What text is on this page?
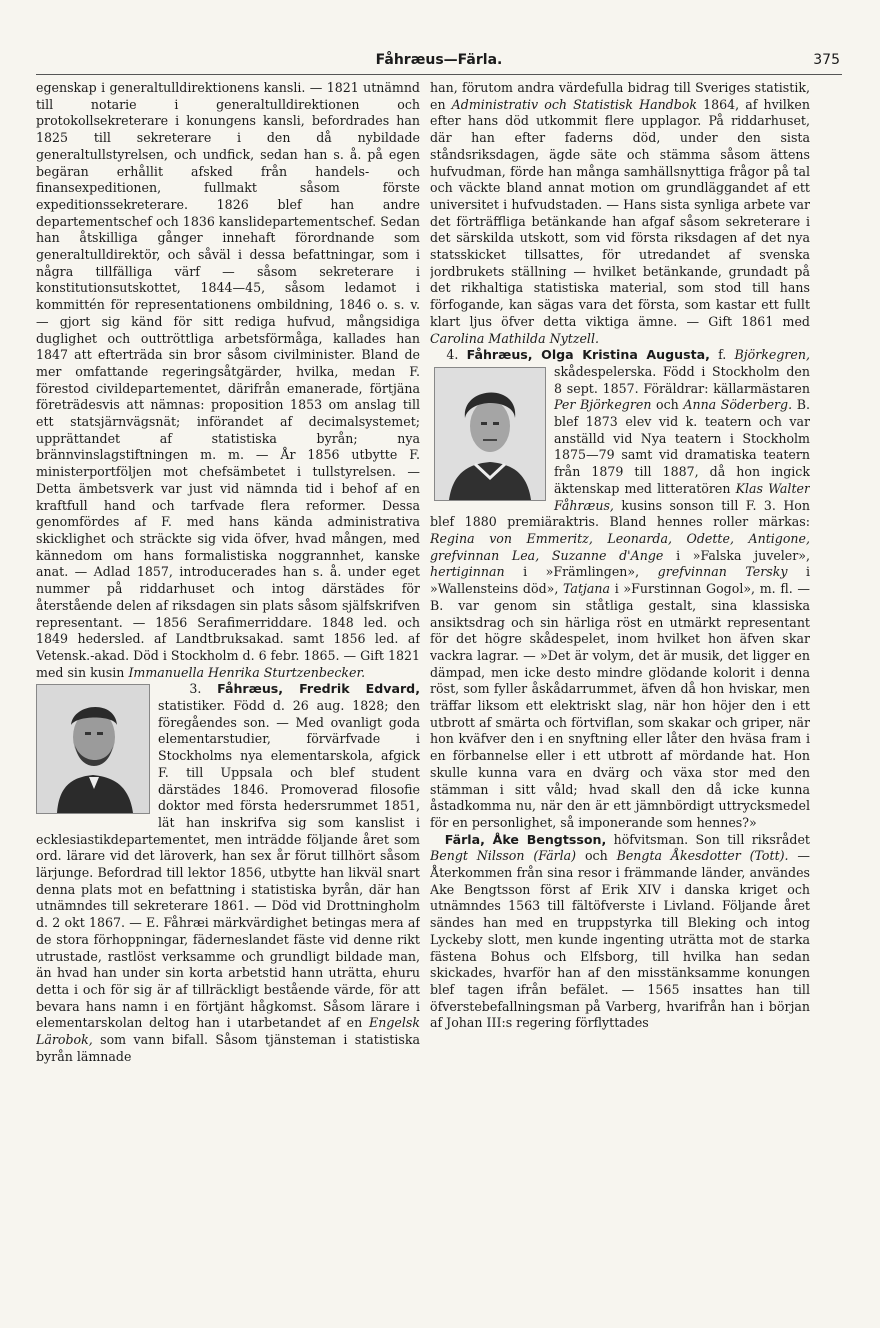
Fåhræus—Färla.	375

egenskap i generaltulldirektionens kansli. — 1821 utnämnd till notarie i generaltulldirektionen och protokollsekreterare i konungens kansli, befordrades han 1825 till sekreterare i den då nybildade generaltullstyrelsen, och undfick, sedan han s. å. på egen begäran erhållit afsked från handels- och finansexpeditionen, fullmakt såsom förste expeditionssekreterare. 1826 blef han andre departementschef och 1836 kanslidepartementschef. Sedan han åtskilliga gånger innehaft förordnande som generaltulldirektör, och såväl i dessa befattningar, som i några tillfälliga värf — såsom sekreterare i konstitutionsutskottet, 1844—45, såsom ledamot i kommittén för representationens ombildning, 1846 o. s. v. — gjort sig känd för sitt rediga hufvud, mångsidiga duglighet och outtröttliga arbetsförmåga, kallades han 1847 att efterträda sin bror såsom civilminister. Bland de mer omfattande regeringsåtgärder, hvilka, medan F. förestod civildepartementet, därifrån emanerade, förtjäna företrädesvis att nämnas: proposition 1853 om anslag till ett statsjärnvägsnät; införandet af decimalsystemet; upprättandet af statistiska byrån; nya brännvinslagstiftningen m. m. — År 1856 utbytte F. ministerportföljen mot chefsämbetet i tullstyrelsen. — Detta ämbetsverk var just vid nämnda tid i behof af en kraftfull hand och tarfvade flera reformer. Dessa genomfördes af F. med hans kända administrativa skicklighet och sträckte sig vida öfver, hvad mången, med kännedom om hans formalistiska noggrannhet, kanske anat. — Adlad 1857, introducerades han s. å. under eget nummer på riddarhuset och intog därstädes för återstående delen af riksdagen sin plats såsom själfskrifven representant. — 1856 Serafimerriddare. 1848 led. och 1849 hedersled. af Landtbruksakad. samt 1856 led. af Vetensk.-akad. Död i Stockholm d. 6 febr. 1865. — Gift 1821 med sin kusin Immanuella Henrika Sturtzenbecker.

3. Fåhræus, Fredrik Edvard,
statistiker. Född d. 26 aug. 1828; den föregåendes son. — Med ovanligt goda elementarstudier, förvärfvade i Stockholms nya elementarskola, afgick F. till Uppsala och blef student därstädes 1846. Promoverad filosofie doktor med första hedersrummet 1851, lät han inskrifva sig som kanslist i ecklesiastikdepartementet, men inträdde följande året som ord. lärare vid det läroverk, han sex år förut tillhört såsom lärjunge. Befordrad till lektor 1856, utbytte han likväl snart denna plats mot en befattning i statistiska byrån, där han utnämndes till sekreterare 1861. — Död vid Drottningholm d. 2 okt 1867. — E. Fåhræi märkvärdighet betingas mera af de stora förhoppningar, fäderneslandet fäste vid denne rikt utrustade, rastlöst verksamme och grundligt bildade man, än hvad han under sin korta arbetstid hann uträtta, ehuru detta i och för sig är af tillräckligt bestående värde, för att bevara hans namn i en förtjänt hågkomst. Såsom lärare i elementarskolan deltog han i utarbetandet af en Engelsk Lärobok, som vann bifall. Såsom tjänsteman i statistiska byrån lämnade

han, förutom andra värdefulla bidrag till Sveriges statistik, en Administrativ och Statistisk Handbok 1864, af hvilken efter hans död utkommit flere upplagor. På riddarhuset, där han efter faderns död, under den sista ståndsriksdagen, ägde säte och stämma såsom ättens hufvudman, förde han många samhällsnyttiga frågor på tal och väckte bland annat motion om grundläggandet af ett universitet i hufvudstaden. — Hans sista synliga arbete var det förträffliga betänkande han afgaf såsom sekreterare i det särskilda utskott, som vid första riksdagen af det nya statsskicket tillsattes, för utredandet af svenska jordbrukets ställning — hvilket betänkande, grundadt på det rikhaltiga statistiska material, som stod till hans förfogande, kan sägas vara det första, som kastar ett fullt klart ljus öfver detta viktiga ämne. — Gift 1861 med Carolina Mathilda Nytzell.

4. Fåhræus, Olga Kristina Augusta, f. Björkegren,
skådespelerska. Född i Stockholm den 8 sept. 1857. Föräldrar: källarmästaren Per Björkegren och Anna Söderberg. B. blef 1873 elev vid k. teatern och var anställd vid Nya teatern i Stockholm 1875—79 samt vid dramatiska teatern från 1879 till 1887, då hon ingick äktenskap med litteratören Klas Walter Fåhræus, kusins sonson till F. 3. Hon blef 1880 premiäraktris. Bland hennes roller märkas: Regina von Emmeritz, Leonarda, Odette, Antigone, grefvinnan Lea, Suzanne d'Ange i »Falska juveler», hertiginnan i »Främlingen», grefvinnan Tersky i »Wallensteins död», Tatjana i »Furstinnan Gogol», m. fl. — B. var genom sin ståtliga gestalt, sina klassiska ansiktsdrag och sin härliga röst en utmärkt representant för det högre skådespelet, inom hvilket hon äfven skar vackra lagrar. — »Det är volym, det är musik, det ligger en dämpad, men icke desto mindre glödande kolorit i denna röst, som fyller åskådarrummet, äfven då hon hviskar, men träffar liksom ett elektriskt slag, när hon höjer den i ett utbrott af smärta och förtviflan, som skakar och griper, när hon kväfver den i en snyftning eller låter den hväsa fram i en förbannelse eller i ett utbrott af mördande hat. Hon skulle kunna vara en dvärg och växa stor med den stämman i sitt våld; hvad skall den då icke kunna åstadkomma nu, när den är ett jämnbördigt uttrycksmedel för en personlighet, så imponerande som hennes?»

Färla, Åke Bengtsson, höfvitsman. Son till riksrådet Bengt Nilsson (Färla) och Bengta Åkesdotter (Tott). — Återkommen från sina resor i främmande länder, användes Ake Bengtsson först af Erik XIV i danska kriget och utnämndes 1563 till fältöfverste i Livland. Följande året sändes han med en truppstyrka till Bleking och intog Lyckeby slott, men kunde ingenting uträtta mot de starka fästena Bohus och Elfsborg, till hvilka han sedan skickades, hvarför han af den misstänksamme konungen blef tagen ifrån befälet. — 1565 insattes han till öfverstebefallningsman på Varberg, hvarifrån han i början af Johan III:s regering förflyttades
